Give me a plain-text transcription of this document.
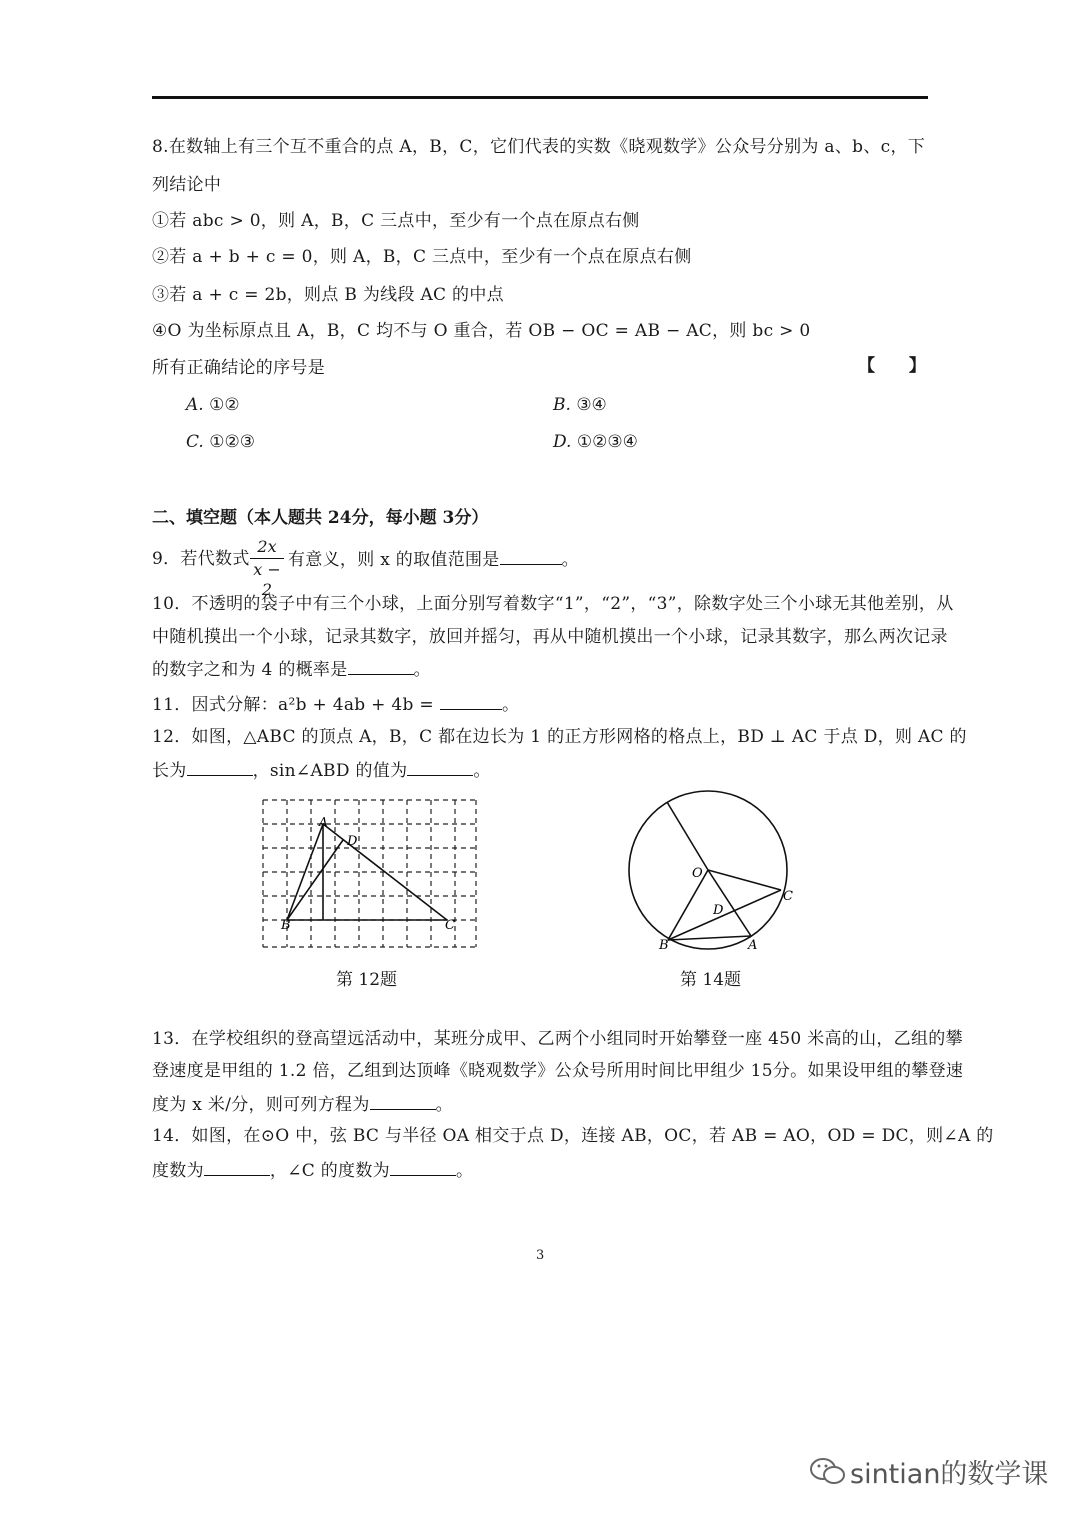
8.在数轴上有三个互不重合的点 A，B，C，它们代表的实数《晓观数学》公众号分别为 a、b、c，下
列结论中
①若 abc > 0，则 A，B，C 三点中，至少有一个点在原点右侧
②若 a + b + c = 0，则 A，B，C 三点中，至少有一个点在原点右侧
③若 a + c = 2b，则点 B 为线段 AC 的中点
④O 为坐标原点且 A，B，C 均不与 O 重合，若 OB − OC = AB − AC，则 bc > 0
所有正确结论的序号是	【 】
A. ①②	B. ③④
C. ①②③	D. ①②③④
二、填空题（本人题共 24分，每小题 3分）
9．若代数式
2x
x − 2
有意义，则 x 的取值范围是	。
10．不透明的袋子中有三个小球，上面分别写着数字“1”，“2”，“3”，除数字处三个小球无其他差别，从
中随机摸出一个小球，记录其数字，放回并摇匀，再从中随机摸出一个小球，记录其数字，那么两次记录
的数字之和为 4 的概率是	。
11．因式分解：a²b + 4ab + 4b =	。
12．如图，△ABC 的顶点 A，B，C 都在边长为 1 的正方形网格的格点上，BD ⊥ AC 于点 D，则 AC 的
长为	，sin∠ABD 的值为	。
A
D
B	C
第 12题
O
D
C
B	A
第 14题
13．在学校组织的登高望远活动中，某班分成甲、乙两个小组同时开始攀登一座 450 米高的山，乙组的攀
登速度是甲组的 1.2 倍，乙组到达顶峰《晓观数学》公众号所用时间比甲组少 15分。如果设甲组的攀登速
度为 x 米/分，则可列方程为	。
14．如图，在⊙O 中，弦 BC 与半径 OA 相交于点 D，连接 AB，OC，若 AB = AO，OD = DC，则∠A 的
度数为	，∠C 的度数为	。
3
sintian的数学课
